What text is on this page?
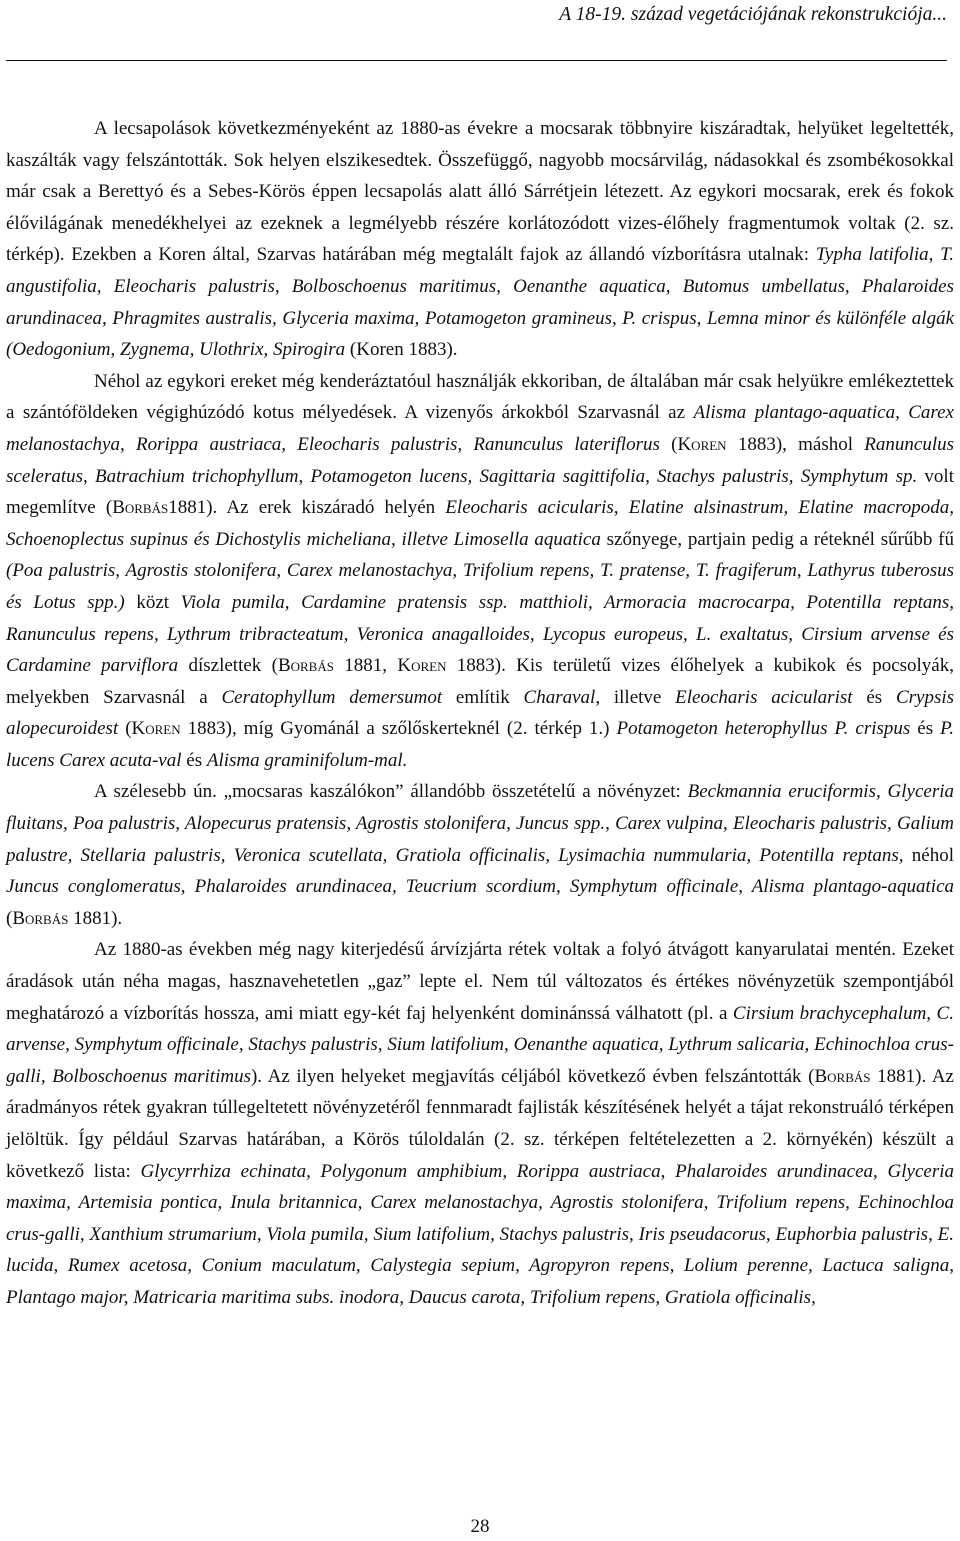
A 18-19. század vegetációjának rekonstrukciója...

A lecsapolások következményeként az 1880-as évekre a mocsarak többnyire kiszáradtak, helyüket legeltették, kaszálták vagy felszántották. Sok helyen elszikesedtek. Összefüggő, nagyobb mocsárvilág, nádasokkal és zsombékosokkal már csak a Berettyó és a Sebes-Körös éppen lecsapolás alatt álló Sárrétjein létezett. Az egykori mocsarak, erek és fokok élővilágának menedékhelyei az ezeknek a legmélyebb részére korlátozódott vizes-élőhely fragmentumok voltak (2. sz. térkép). Ezekben a Koren által, Szarvas határában még megtalált fajok az állandó vízborításra utalnak: Typha latifolia, T. angustifolia, Eleocharis palustris, Bolboschoenus maritimus, Oenanthe aquatica, Butomus umbellatus, Phalaroides arundinacea, Phragmites australis, Glyceria maxima, Potamogeton gramineus, P. crispus, Lemna minor és különféle algák (Oedogonium, Zygnema, Ulothrix, Spirogira (Koren 1883).

Néhol az egykori ereket még kenderáztatóul használják ekkoriban, de általában már csak helyükre emlékeztettek a szántóföldeken végighúzódó kotus mélyedések. A vizenyős árkokból Szarvasnál az Alisma plantago-aquatica, Carex melanostachya, Rorippa austriaca, Eleocharis palustris, Ranunculus lateriflorus (Koren 1883), máshol Ranunculus sceleratus, Batrachium trichophyllum, Potamogeton lucens, Sagittaria sagittifolia, Stachys palustris, Symphytum sp. volt megemlítve (Borbás1881). Az erek kiszáradó helyén Eleocharis acicularis, Elatine alsinastrum, Elatine macropoda, Schoenoplectus supinus és Dichostylis micheliana, illetve Limosella aquatica szőnyege, partjain pedig a réteknél sűrűbb fű (Poa palustris, Agrostis stolonifera, Carex melanostachya, Trifolium repens, T. pratense, T. fragiferum, Lathyrus tuberosus és Lotus spp.) közt Viola pumila, Cardamine pratensis ssp. matthioli, Armoracia macrocarpa, Potentilla reptans, Ranunculus repens, Lythrum tribracteatum, Veronica anagalloides, Lycopus europeus, L. exaltatus, Cirsium arvense és Cardamine parviflora díszlettek (Borbás 1881, Koren 1883). Kis területű vizes élőhelyek a kubikok és pocsolyák, melyekben Szarvasnál a Ceratophyllum demersumot említik Charaval, illetve Eleocharis acicularist és Crypsis alopecuroidest (Koren 1883), míg Gyománál a szőlőskerteknél (2. térkép 1.) Potamogeton heterophyllus P. crispus és P. lucens Carex acuta-val és Alisma graminifolum-mal.

A szélesebb ún. „mocsaras kaszálókon” állandóbb összetételű a növényzet: Beckmannia eruciformis, Glyceria fluitans, Poa palustris, Alopecurus pratensis, Agrostis stolonifera, Juncus spp., Carex vulpina, Eleocharis palustris, Galium palustre, Stellaria palustris, Veronica scutellata, Gratiola officinalis, Lysimachia nummularia, Potentilla reptans, néhol Juncus conglomeratus, Phalaroides arundinacea, Teucrium scordium, Symphytum officinale, Alisma plantago-aquatica (Borbás 1881).

Az 1880-as években még nagy kiterjedésű árvízjárta rétek voltak a folyó átvágott kanyarulatai mentén. Ezeket áradások után néha magas, hasznavehetetlen „gaz” lepte el. Nem túl változatos és értékes növényzetük szempontjából meghatározó a vízborítás hossza, ami miatt egy-két faj helyenként dominánssá válhatott (pl. a Cirsium brachycephalum, C. arvense, Symphytum officinale, Stachys palustris, Sium latifolium, Oenanthe aquatica, Lythrum salicaria, Echinochloa crus-galli, Bolboschoenus maritimus). Az ilyen helyeket megjavítás céljából következő évben felszántották (Borbás 1881). Az áradmányos rétek gyakran túllegeltetett növényzetéről fennmaradt fajlisták készítésének helyét a tájat rekonstruáló térképen jelöltük. Így például Szarvas határában, a Körös túloldalán (2. sz. térképen feltételezetten a 2. környékén) készült a következő lista: Glycyrrhiza echinata, Polygonum amphibium, Rorippa austriaca, Phalaroides arundinacea, Glyceria maxima, Artemisia pontica, Inula britannica, Carex melanostachya, Agrostis stolonifera, Trifolium repens, Echinochloa crus-galli, Xanthium strumarium, Viola pumila, Sium latifolium, Stachys palustris, Iris pseudacorus, Euphorbia palustris, E. lucida, Rumex acetosa, Conium maculatum, Calystegia sepium, Agropyron repens, Lolium perenne, Lactuca saligna, Plantago major, Matricaria maritima subs. inodora, Daucus carota, Trifolium repens, Gratiola officinalis,

28
